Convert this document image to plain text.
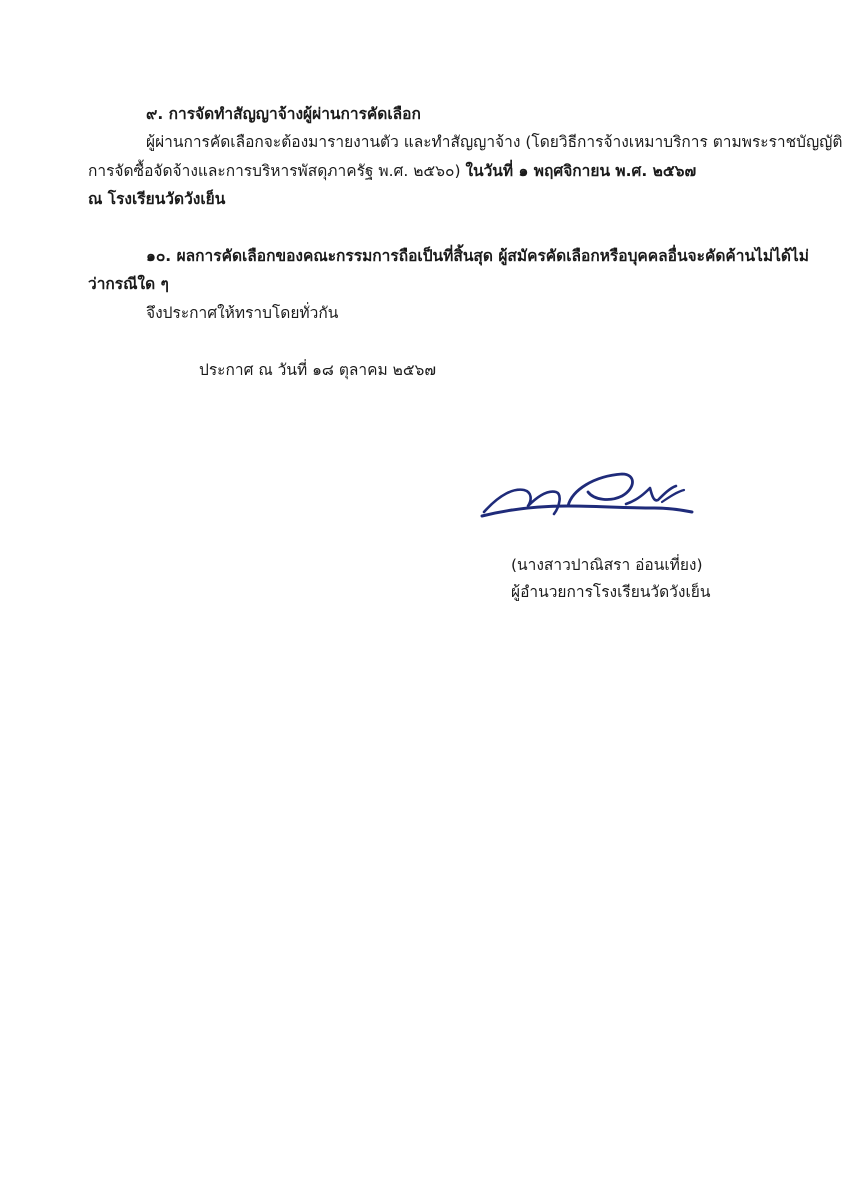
๙. การจัดทำสัญญาจ้างผู้ผ่านการคัดเลือก
ผู้ผ่านการคัดเลือกจะต้องมารายงานตัว และทำสัญญาจ้าง (โดยวิธีการจ้างเหมาบริการ ตามพระราชบัญญัติ
การจัดซื้อจัดจ้างและการบริหารพัสดุภาครัฐ พ.ศ. ๒๕๖๐) ในวันที่ ๑ พฤศจิกายน พ.ศ. ๒๕๖๗
ณ โรงเรียนวัดวังเย็น
๑๐. ผลการคัดเลือกของคณะกรรมการถือเป็นที่สิ้นสุด ผู้สมัครคัดเลือกหรือบุคคลอื่นจะคัดค้านไม่ได้ไม่
ว่ากรณีใด ๆ
จึงประกาศให้ทราบโดยทั่วกัน
ประกาศ ณ วันที่ ๑๘ ตุลาคม ๒๕๖๗
(นางสาวปาณิสรา อ่อนเที่ยง)
ผู้อำนวยการโรงเรียนวัดวังเย็น
